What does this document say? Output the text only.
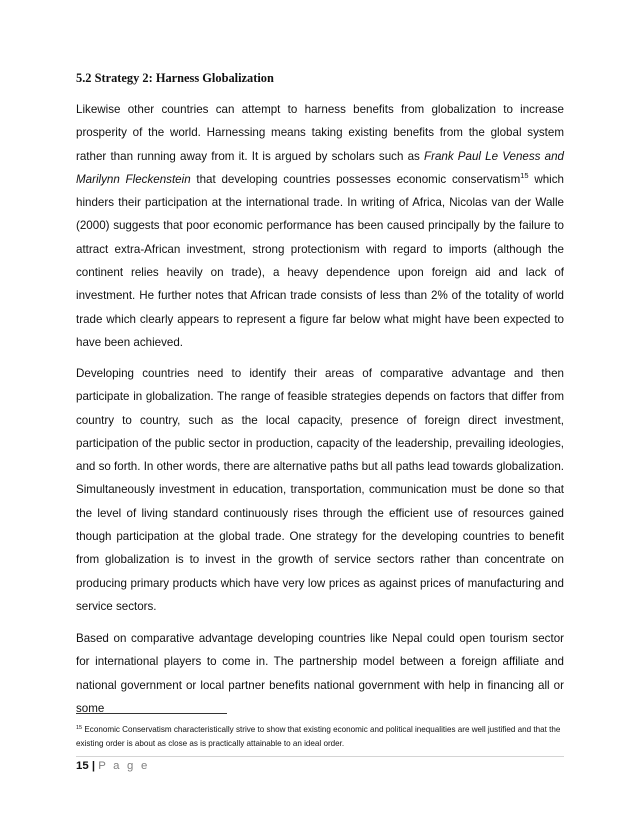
5.2 Strategy 2: Harness Globalization

Likewise other countries can attempt to harness benefits from globalization to increase prosperity of the world. Harnessing means taking existing benefits from the global system rather than running away from it. It is argued by scholars such as Frank Paul Le Veness and Marilynn Fleckenstein that developing countries possesses economic conservatism$^{15}$ which hinders their participation at the international trade. In writing of Africa, Nicolas van der Walle (2000) suggests that poor economic performance has been caused principally by the failure to attract extra-African investment, strong protectionism with regard to imports (although the continent relies heavily on trade), a heavy dependence upon foreign aid and lack of investment. He further notes that African trade consists of less than 2% of the totality of world trade which clearly appears to represent a figure far below what might have been expected to have been achieved.

Developing countries need to identify their areas of comparative advantage and then participate in globalization. The range of feasible strategies depends on factors that differ from country to country, such as the local capacity, presence of foreign direct investment, participation of the public sector in production, capacity of the leadership, prevailing ideologies, and so forth. In other words, there are alternative paths but all paths lead towards globalization. Simultaneously investment in education, transportation, communication must be done so that the level of living standard continuously rises through the efficient use of resources gained though participation at the global trade. One strategy for the developing countries to benefit from globalization is to invest in the growth of service sectors rather than concentrate on producing primary products which have very low prices as against prices of manufacturing and service sectors.

Based on comparative advantage developing countries like Nepal could open tourism sector for international players to come in. The partnership model between a foreign affiliate and national government or local partner benefits national government with help in financing all or some

$^{15}$ Economic Conservatism characteristically strive to show that existing economic and political inequalities are well justified and that the existing order is about as close as is practically attainable to an ideal order.

15 | P a g e
